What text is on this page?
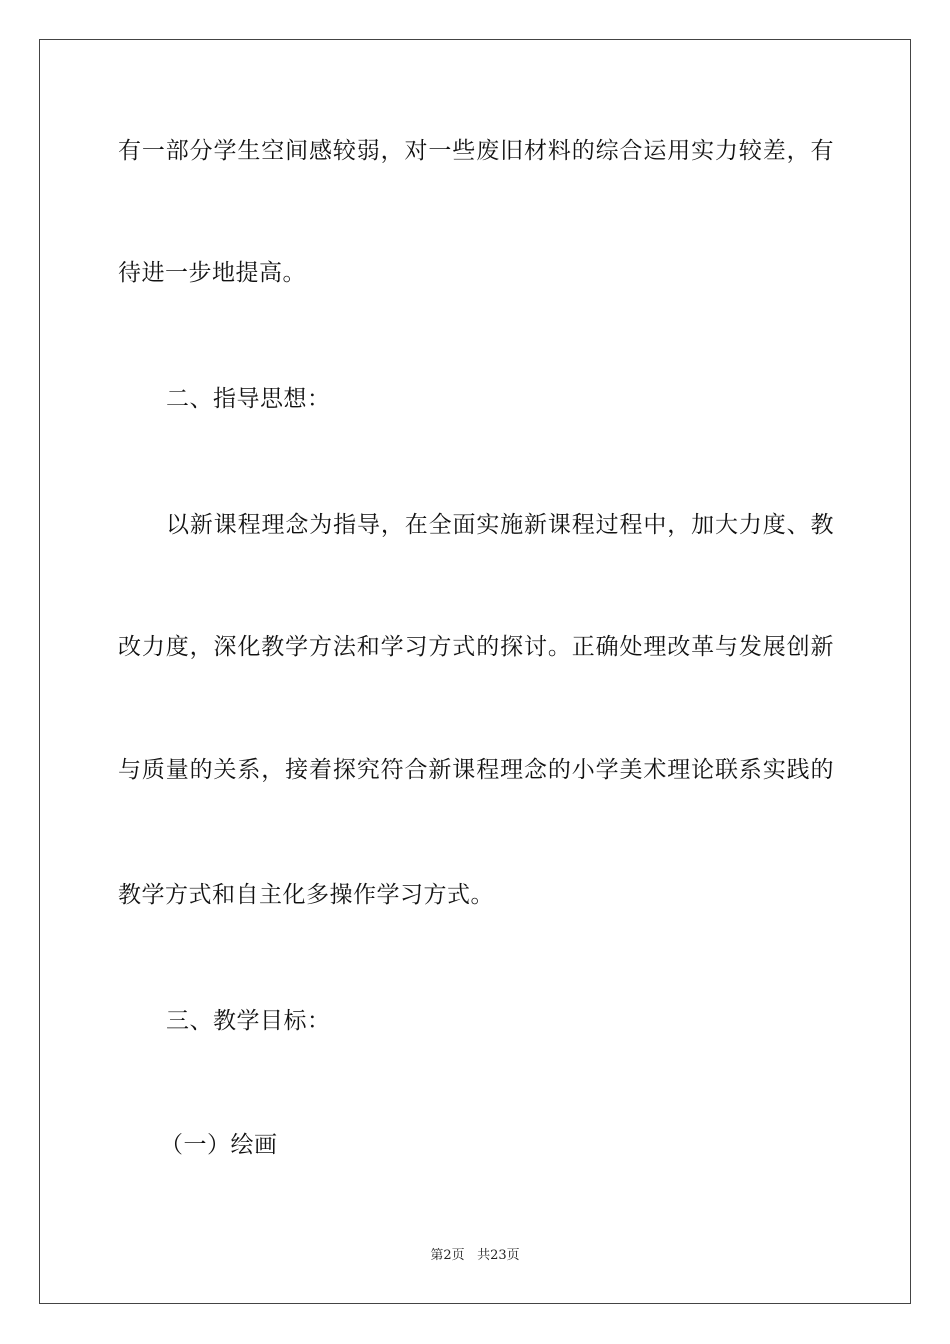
有一部分学生空间感较弱，对一些废旧材料的综合运用实力较差，有
待进一步地提高。
二、指导思想：
以新课程理念为指导，在全面实施新课程过程中，加大力度、教
改力度，深化教学方法和学习方式的探讨。正确处理改革与发展创新
与质量的关系，接着探究符合新课程理念的小学美术理论联系实践的
教学方式和自主化多操作学习方式。
三、教学目标：
（一）绘画
第2页 共23页
